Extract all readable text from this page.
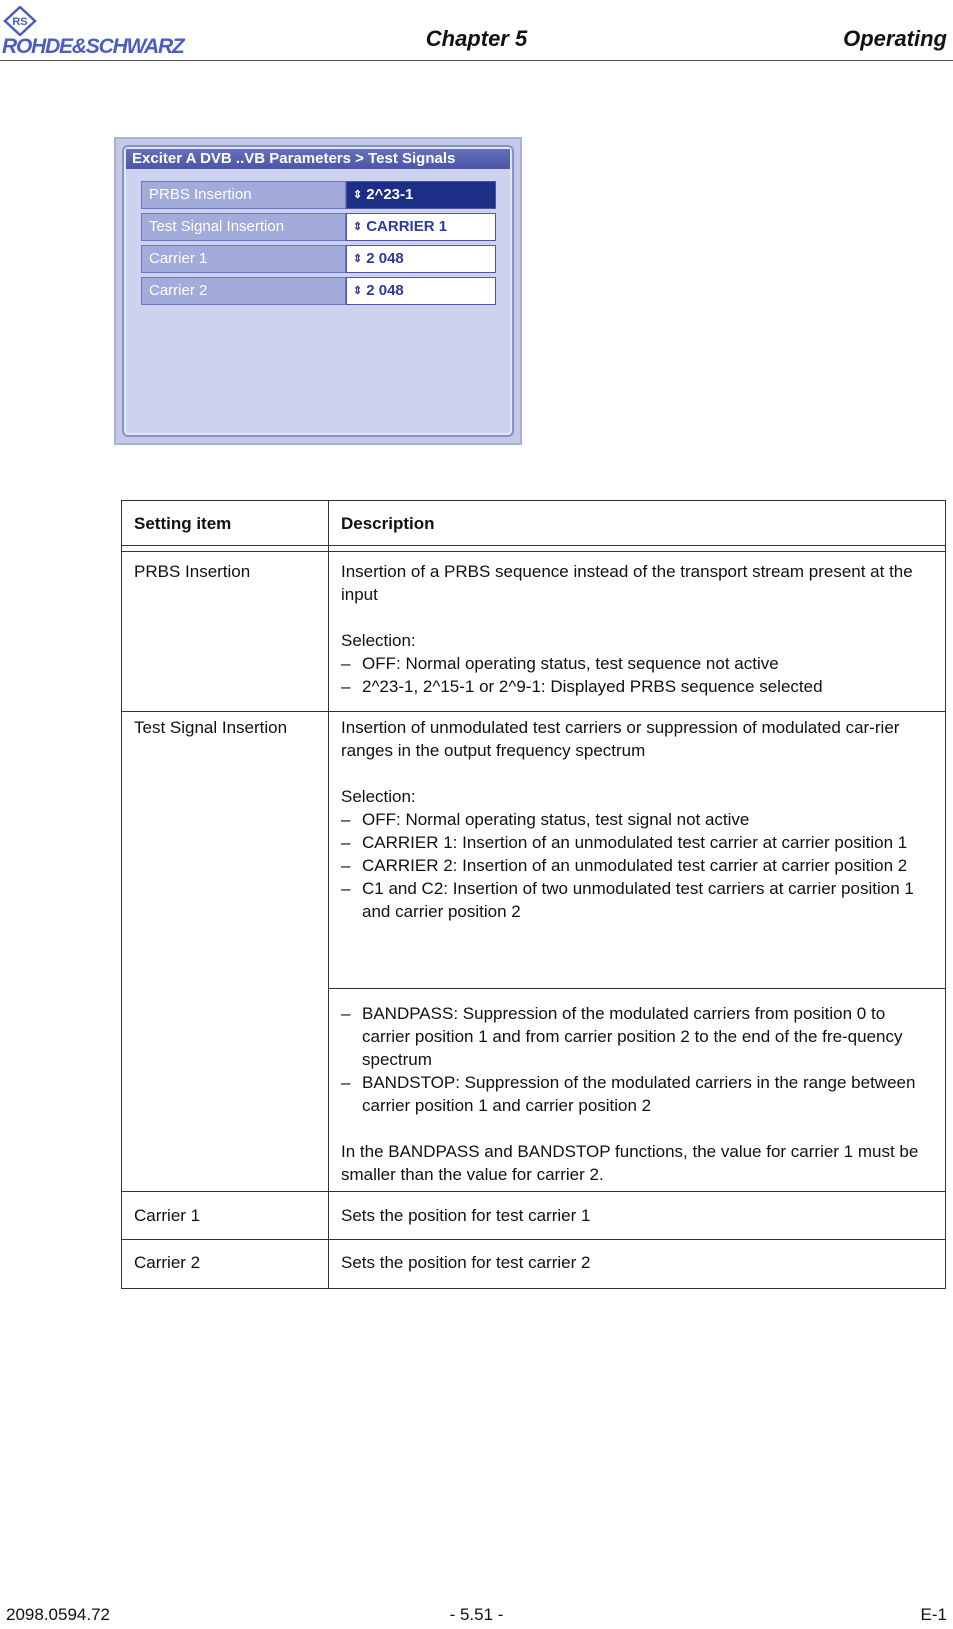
RS
ROHDE&SCHWARZ	Chapter 5	Operating
Exciter A DVB ..VB Parameters > Test Signals
PRBS Insertion	⇕ 2^23-1
Test Signal Insertion	⇕ CARRIER 1
Carrier 1	⇕ 2 048
Carrier 2	⇕ 2 048
Setting item	Description
PRBS Insertion	Insertion of a PRBS sequence instead of the transport stream present at the input

Selection:

– OFF: Normal operating status, test sequence not active

– 2^23-1, 2^15-1 or 2^9-1: Displayed PRBS sequence selected

Test Signal Insertion	Insertion of unmodulated test carriers or suppression of modulated car-rier ranges in the output frequency spectrum

Selection:

– OFF: Normal operating status, test signal not active

– CARRIER 1: Insertion of an unmodulated test carrier at carrier position 1

– CARRIER 2: Insertion of an unmodulated test carrier at carrier position 2

– C1 and C2: Insertion of two unmodulated test carriers at carrier position 1 and carrier position 2

– BANDPASS: Suppression of the modulated carriers from position 0 to carrier position 1 and from carrier position 2 to the end of the fre-quency spectrum

– BANDSTOP: Suppression of the modulated carriers in the range between carrier position 1 and carrier position 2

In the BANDPASS and BANDSTOP functions, the value for carrier 1 must be smaller than the value for carrier 2.

Carrier 1	Sets the position for test carrier 1
Carrier 2	Sets the position for test carrier 2
2098.0594.72	- 5.51 -	E-1
